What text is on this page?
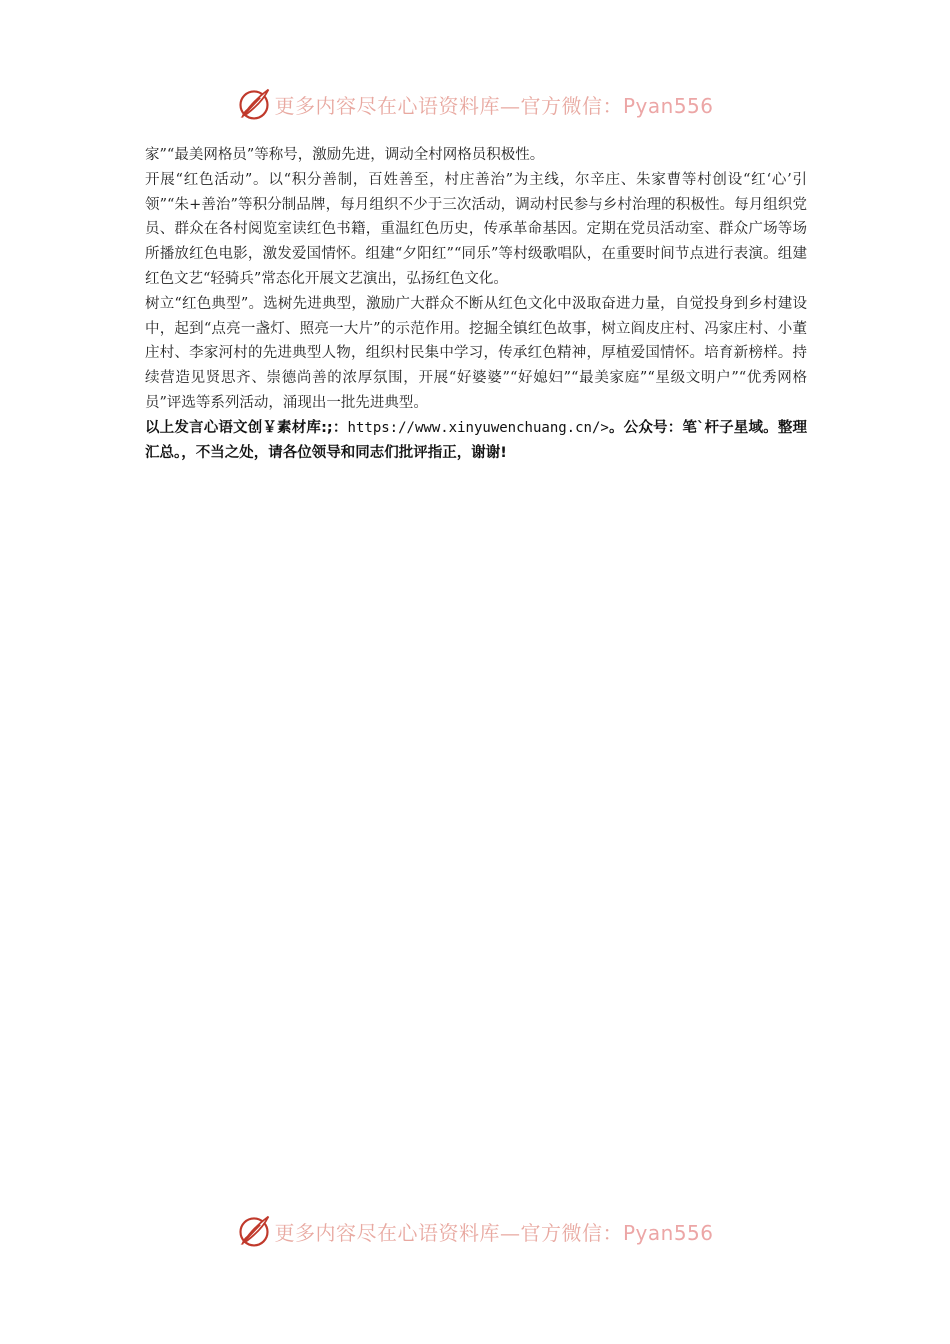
更多内容尽在心语资料库—官方微信：Pyan556

家”“最美网格员”等称号，激励先进，调动全村网格员积极性。

开展“红色活动”。以“积分善制，百姓善至，村庄善治”为主线，尔辛庄、朱家曹等村创设“红‘心’引领”“朱+善治”等积分制品牌，每月组织不少于三次活动，调动村民参与乡村治理的积极性。每月组织党员、群众在各村阅览室读红色书籍，重温红色历史，传承革命基因。定期在党员活动室、群众广场等场所播放红色电影，激发爱国情怀。组建“夕阳红”“同乐”等村级歌唱队，在重要时间节点进行表演。组建红色文艺“轻骑兵”常态化开展文艺演出，弘扬红色文化。

树立“红色典型”。选树先进典型，激励广大群众不断从红色文化中汲取奋进力量，自觉投身到乡村建设中，起到“点亮一盏灯、照亮一大片”的示范作用。挖掘全镇红色故事，树立阎皮庄村、冯家庄村、小董庄村、李家河村的先进典型人物，组织村民集中学习，传承红色精神，厚植爱国情怀。培育新榜样。持续营造见贤思齐、崇德尚善的浓厚氛围，开展“好婆婆”“好媳妇”“最美家庭”“星级文明户”“优秀网格员”评选等系列活动，涌现出一批先进典型。

以上发言心语文创￥素材库:;：https://www.xinyuwenchuang.cn/>。公众号：笔`杆子星域。整理汇总。，不当之处，请各位领导和同志们批评指正，谢谢!

更多内容尽在心语资料库—官方微信：Pyan556
